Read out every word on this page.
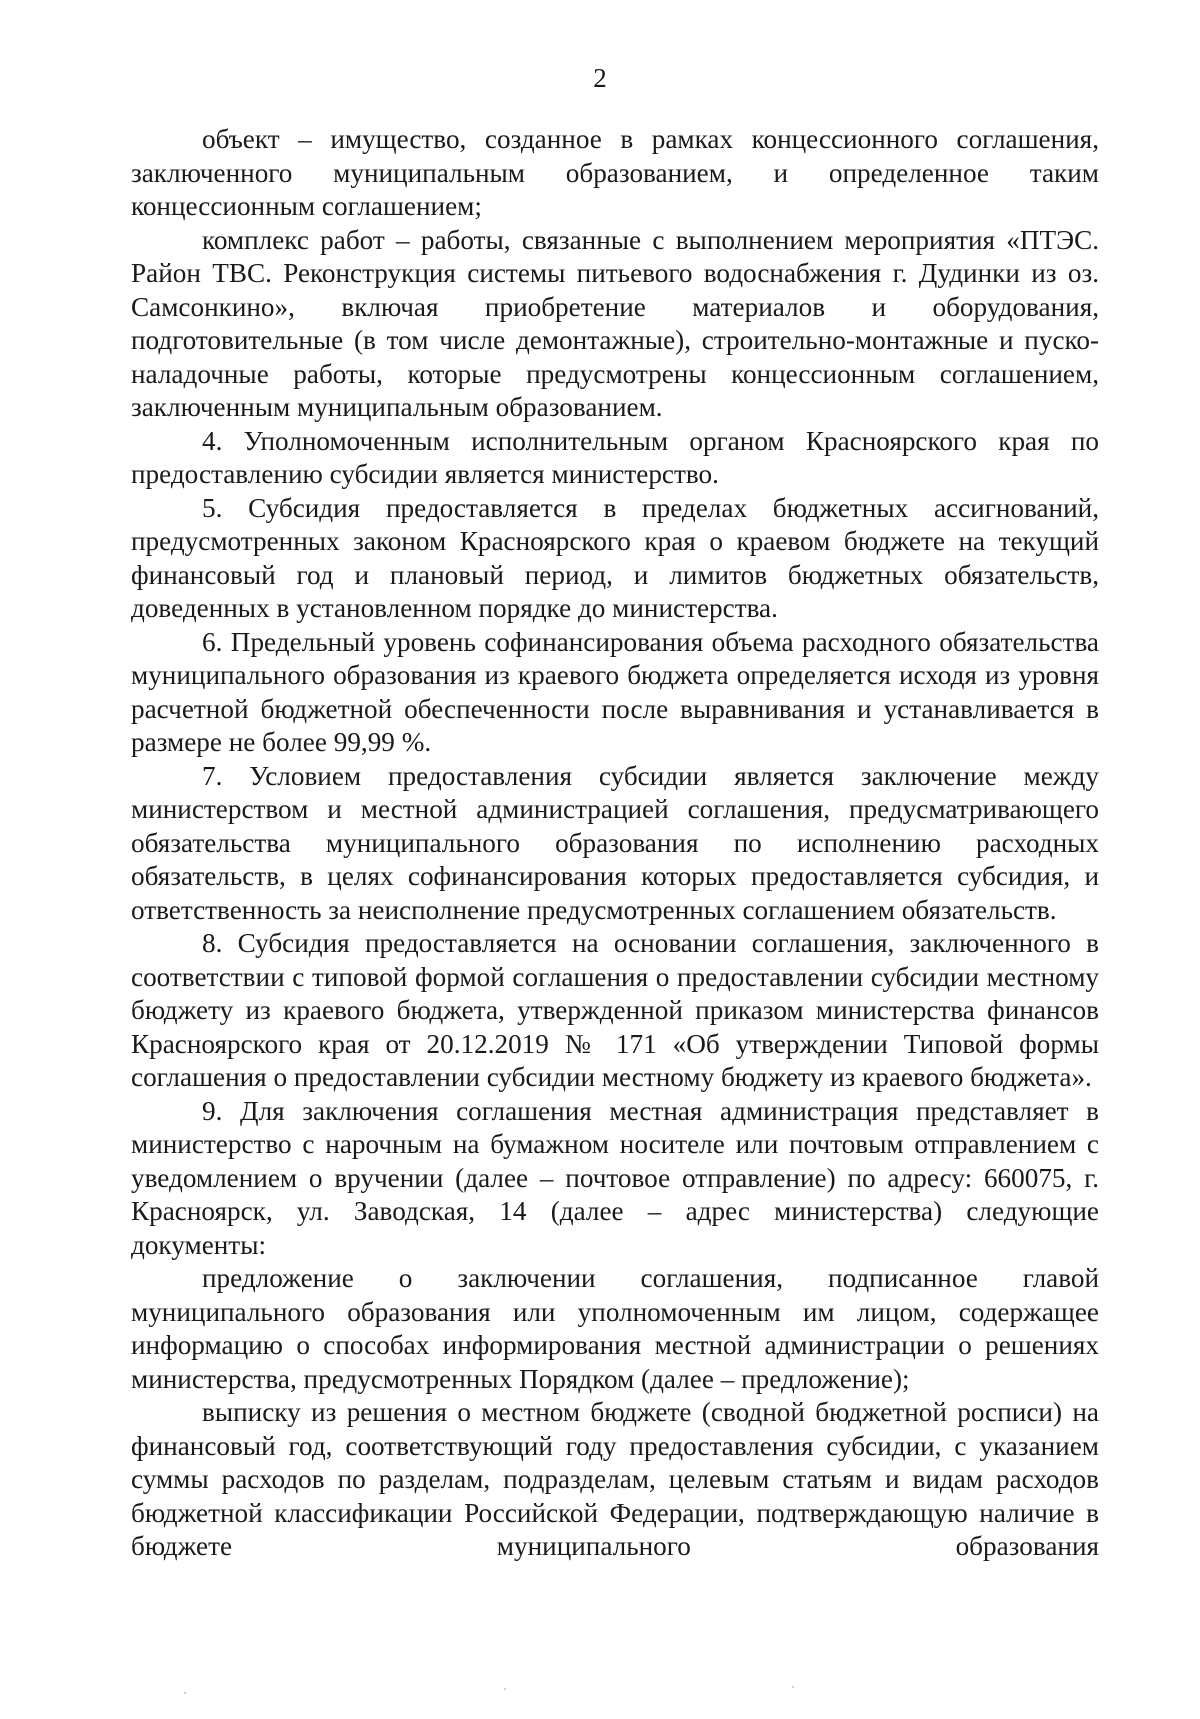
2

объект – имущество, созданное в рамках концессионного соглашения, заключенного муниципальным образованием, и определенное таким концессионным соглашением;

комплекс работ – работы, связанные с выполнением мероприятия «ПТЭС. Район ТВС. Реконструкция системы питьевого водоснабжения г. Дудинки из оз. Самсонкино», включая приобретение материалов и оборудования, подготовительные (в том числе демонтажные), строительно-монтажные и пуско-наладочные работы, которые предусмотрены концессионным соглашением, заключенным муниципальным образованием.

4. Уполномоченным исполнительным органом Красноярского края по предоставлению субсидии является министерство.

5. Субсидия предоставляется в пределах бюджетных ассигнований, предусмотренных законом Красноярского края о краевом бюджете на текущий финансовый год и плановый период, и лимитов бюджетных обязательств, доведенных в установленном порядке до министерства.

6. Предельный уровень софинансирования объема расходного обязательства муниципального образования из краевого бюджета определяется исходя из уровня расчетной бюджетной обеспеченности после выравнивания и устанавливается в размере не более 99,99 %.

7. Условием предоставления субсидии является заключение между министерством и местной администрацией соглашения, предусматривающего обязательства муниципального образования по исполнению расходных обязательств, в целях софинансирования которых предоставляется субсидия, и ответственность за неисполнение предусмотренных соглашением обязательств.

8. Субсидия предоставляется на основании соглашения, заключенного в соответствии с типовой формой соглашения о предоставлении субсидии местному бюджету из краевого бюджета, утвержденной приказом министерства финансов Красноярского края от 20.12.2019 № 171 «Об утверждении Типовой формы соглашения о предоставлении субсидии местному бюджету из краевого бюджета».

9. Для заключения соглашения местная администрация представляет в министерство с нарочным на бумажном носителе или почтовым отправлением с уведомлением о вручении (далее – почтовое отправление) по адресу: 660075, г. Красноярск, ул. Заводская, 14 (далее – адрес министерства) следующие документы:

предложение о заключении соглашения, подписанное главой муниципального образования или уполномоченным им лицом, содержащее информацию о способах информирования местной администрации о решениях министерства, предусмотренных Порядком (далее – предложение);

выписку из решения о местном бюджете (сводной бюджетной росписи) на финансовый год, соответствующий году предоставления субсидии, с указанием суммы расходов по разделам, подразделам, целевым статьям и видам расходов бюджетной классификации Российской Федерации, подтверждающую наличие в бюджете муниципального образования
